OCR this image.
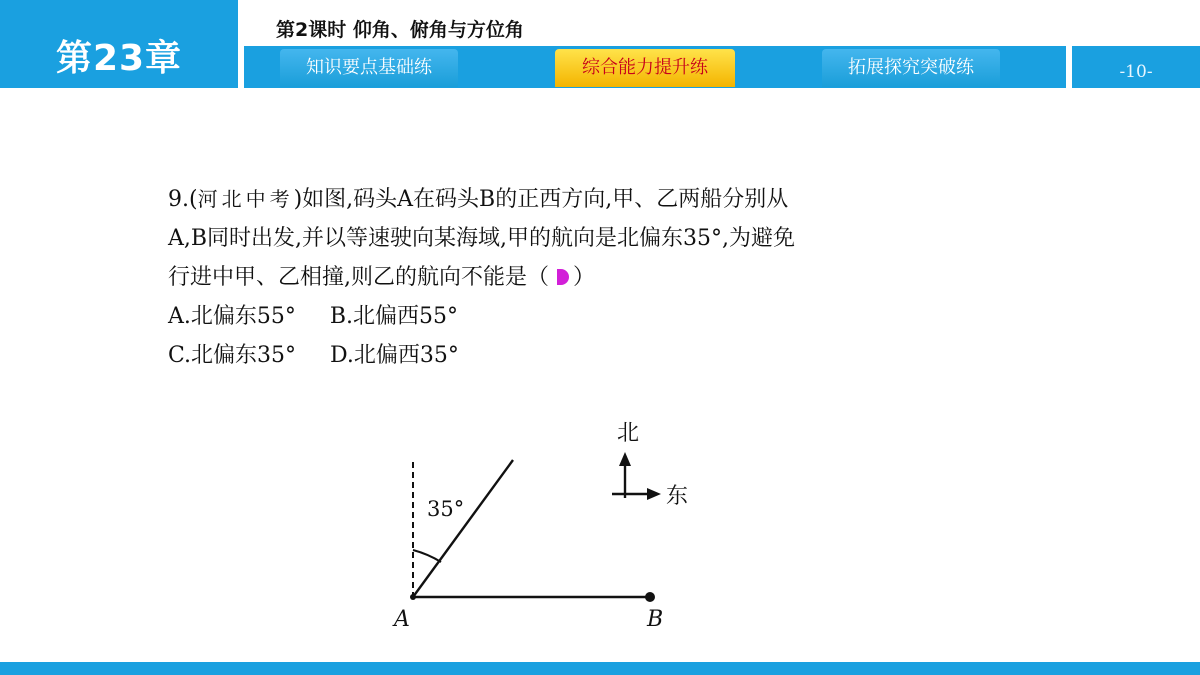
第23章
第2课时 仰角、俯角与方位角
知识要点基础练	综合能力提升练	拓展探究突破练	-10-

9.(河北中考)如图,码头A在码头B的正西方向,甲、乙两船分别从

A,B同时出发,并以等速驶向某海域,甲的航向是北偏东35°,为避免

行进中甲、乙相撞,则乙的航向不能是（ ）

A.北偏东55° B.北偏西55°

C.北偏东35° D.北偏西35°

35°
A	B
北
东
